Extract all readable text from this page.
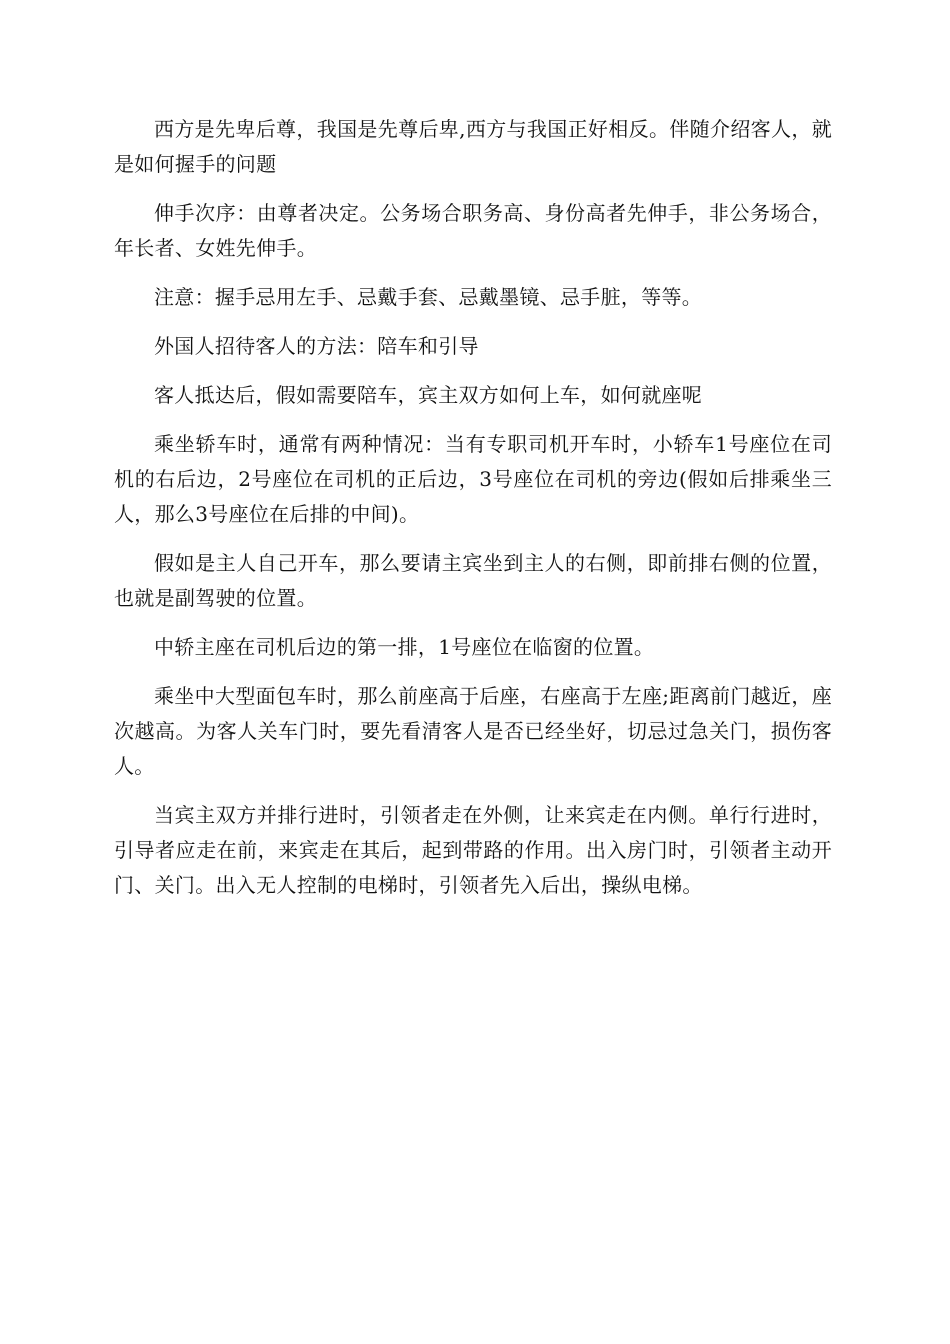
西方是先卑后尊，我国是先尊后卑,西方与我国正好相反。伴随介绍客人，就是如何握手的问题

伸手次序：由尊者决定。公务场合职务高、身份高者先伸手，非公务场合，年长者、女姓先伸手。

注意：握手忌用左手、忌戴手套、忌戴墨镜、忌手脏，等等。

外国人招待客人的方法：陪车和引导

客人抵达后，假如需要陪车，宾主双方如何上车，如何就座呢

乘坐轿车时，通常有两种情况：当有专职司机开车时，小轿车1号座位在司机的右后边，2号座位在司机的正后边，3号座位在司机的旁边(假如后排乘坐三人，那么3号座位在后排的中间)。

假如是主人自己开车，那么要请主宾坐到主人的右侧，即前排右侧的位置，也就是副驾驶的位置。

中轿主座在司机后边的第一排，1号座位在临窗的位置。

乘坐中大型面包车时，那么前座高于后座，右座高于左座;距离前门越近，座次越高。为客人关车门时，要先看清客人是否已经坐好，切忌过急关门，损伤客人。

当宾主双方并排行进时，引领者走在外侧，让来宾走在内侧。单行行进时，引导者应走在前，来宾走在其后，起到带路的作用。出入房门时，引领者主动开门、关门。出入无人控制的电梯时，引领者先入后出，操纵电梯。
